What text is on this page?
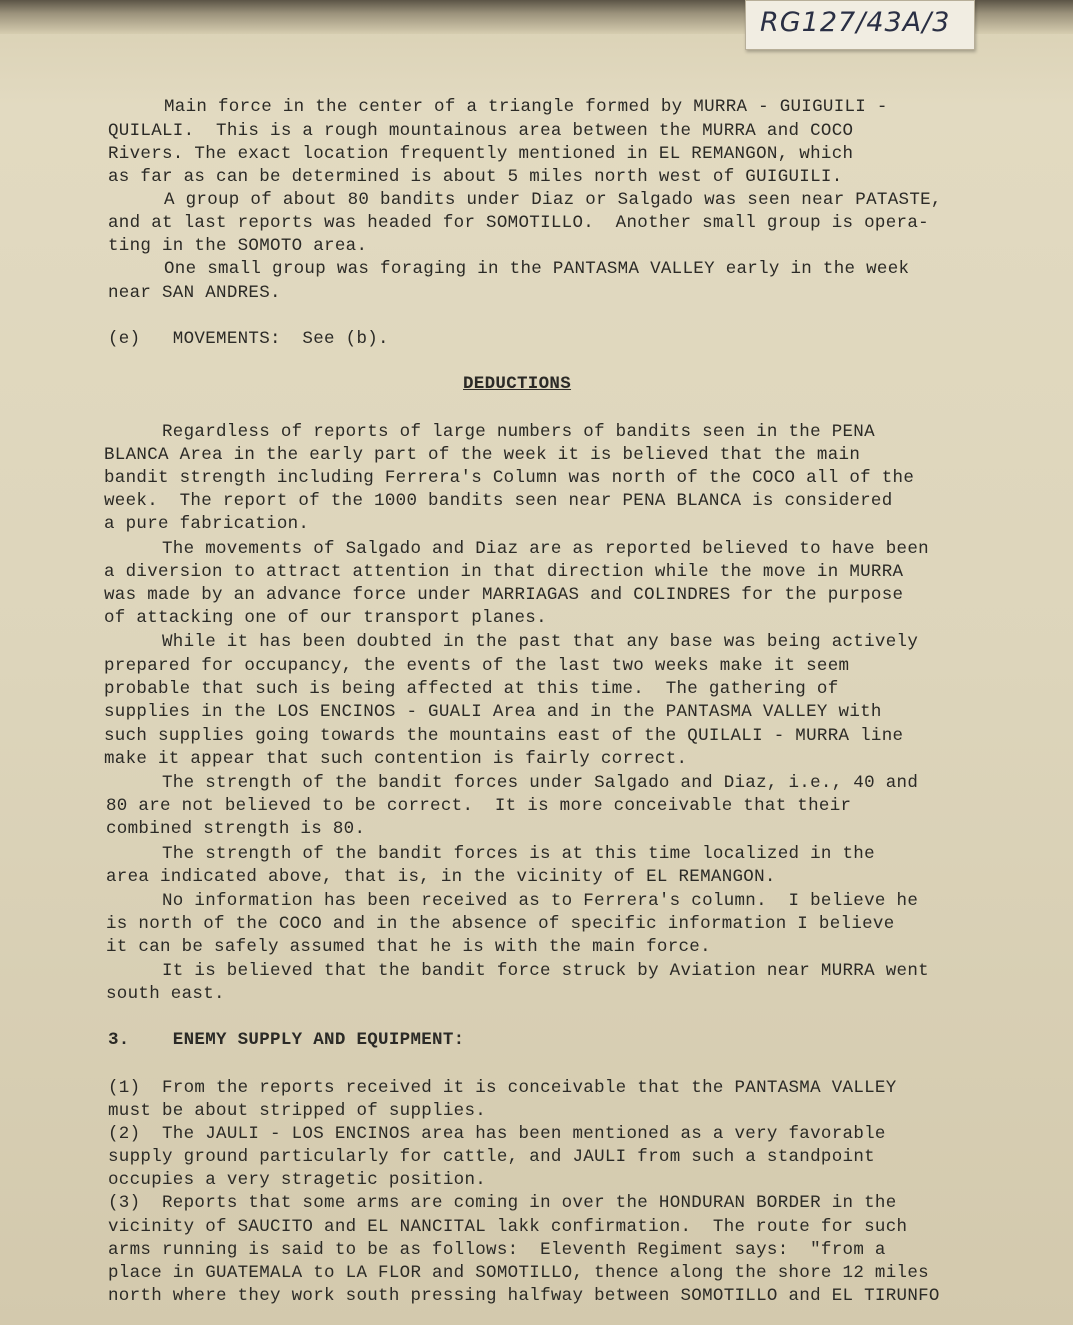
RG127/43A/3

Main force in the center of a triangle formed by MURRA - GUIGUILI -

QUILALI.  This is a rough mountainous area between the MURRA and COCO

Rivers. The exact location frequently mentioned in EL REMANGON, which

as far as can be determined is about 5 miles north west of GUIGUILI.

A group of about 80 bandits under Diaz or Salgado was seen near PATASTE,

and at last reports was headed for SOMOTILLO.  Another small group is opera-

ting in the SOMOTO area.

One small group was foraging in the PANTASMA VALLEY early in the week

near SAN ANDRES.

(e)   MOVEMENTS:  See (b).

DEDUCTIONS

Regardless of reports of large numbers of bandits seen in the PENA

BLANCA Area in the early part of the week it is believed that the main

bandit strength including Ferrera's Column was north of the COCO all of the

week.  The report of the 1000 bandits seen near PENA BLANCA is considered

a pure fabrication.

The movements of Salgado and Diaz are as reported believed to have been

a diversion to attract attention in that direction while the move in MURRA

was made by an advance force under MARRIAGAS and COLINDRES for the purpose

of attacking one of our transport planes.

While it has been doubted in the past that any base was being actively

prepared for occupancy, the events of the last two weeks make it seem

probable that such is being affected at this time.  The gathering of

supplies in the LOS ENCINOS - GUALI Area and in the PANTASMA VALLEY with

such supplies going towards the mountains east of the QUILALI - MURRA line

make it appear that such contention is fairly correct.

The strength of the bandit forces under Salgado and Diaz, i.e., 40 and

80 are not believed to be correct.  It is more conceivable that their

combined strength is 80.

The strength of the bandit forces is at this time localized in the

area indicated above, that is, in the vicinity of EL REMANGON.

No information has been received as to Ferrera's column.  I believe he

is north of the COCO and in the absence of specific information I believe

it can be safely assumed that he is with the main force.

It is believed that the bandit force struck by Aviation near MURRA went

south east.

3.    ENEMY SUPPLY AND EQUIPMENT:

(1)  From the reports received it is conceivable that the PANTASMA VALLEY

must be about stripped of supplies.

(2)  The JAULI - LOS ENCINOS area has been mentioned as a very favorable

supply ground particularly for cattle, and JAULI from such a standpoint

occupies a very stragetic position.

(3)  Reports that some arms are coming in over the HONDURAN BORDER in the

vicinity of SAUCITO and EL NANCITAL lakk confirmation.  The route for such

arms running is said to be as follows:  Eleventh Regiment says:  "from a

place in GUATEMALA to LA FLOR and SOMOTILLO, thence along the shore 12 miles

north where they work south pressing halfway between SOMOTILLO and EL TIRUNFO
